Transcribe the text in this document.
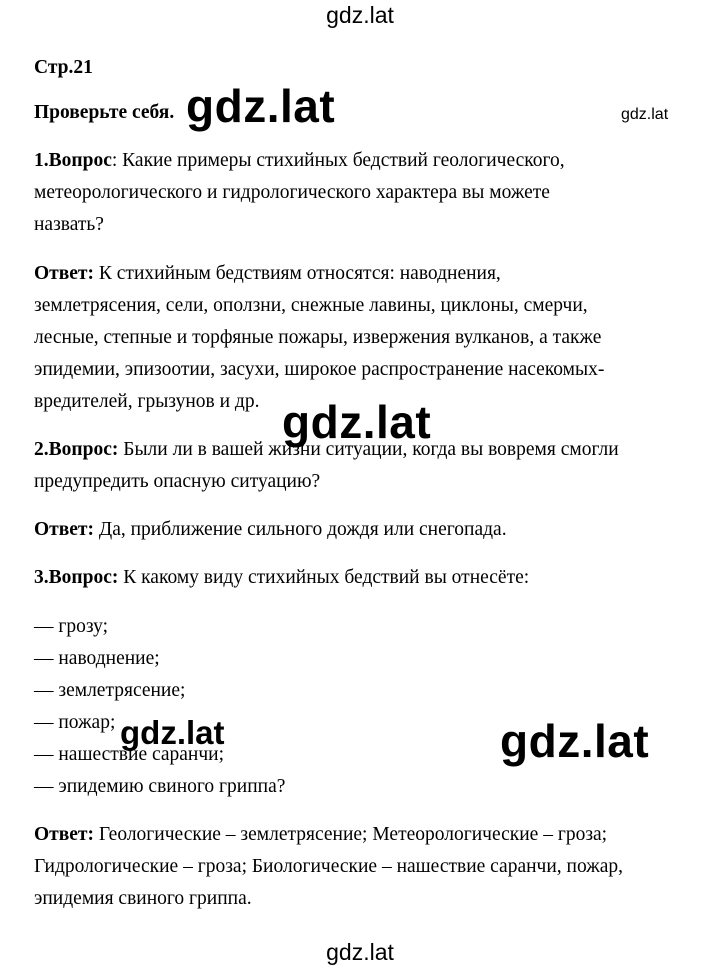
gdz.lat
gdz.lat
gdz.lat
Стр.21
Проверьте себя. gdz.lat
1.Вопрос: Какие примеры стихийных бедствий геологического,
метеорологического и гидрологического характера вы можете
назвать?
Ответ: К стихийным бедствиям относятся: наводнения,
землетрясения, сели, оползни, снежные лавины, циклоны, смерчи,
лесные, степные и торфяные пожары, извержения вулканов, а также
эпидемии, эпизоотии, засухи, широкое распространение насекомых-
вредителей, грызунов и др. gdz.lat
2.Вопрос: Были ли в вашей жизни ситуации, когда вы вовремя смогли
предупредить опасную ситуацию?
Ответ: Да, приближение сильного дождя или снегопада.
3.Вопрос: К какому виду стихийных бедствий вы отнесёте:
— грозу;
— наводнение;
— землетрясение;
— пожар;
— нашествие саранчи;
— эпидемию свиного гриппа?
gdz.lat	gdz.lat
Ответ: Геологические – землетрясение; Метеорологические – гроза;
Гидрологические – гроза; Биологические – нашествие саранчи, пожар,
эпидемия свиного гриппа.
